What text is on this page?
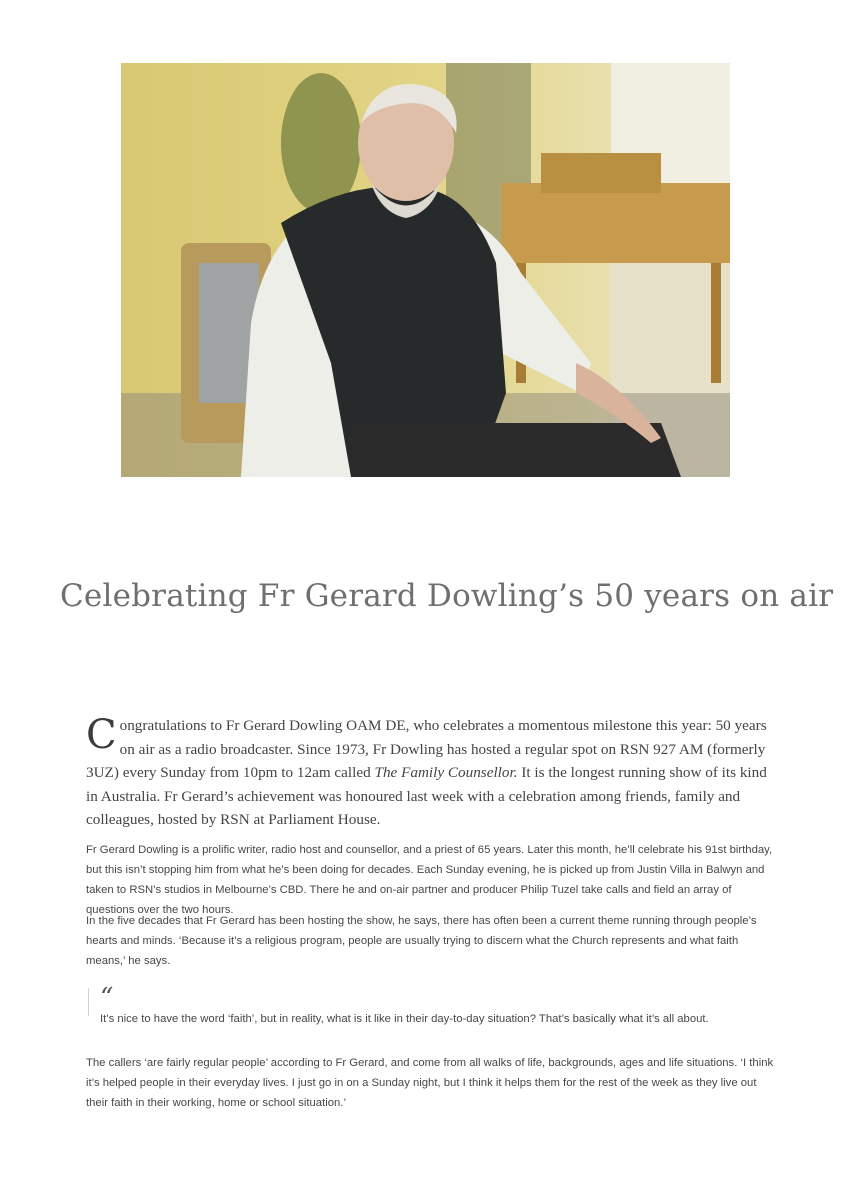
Celebrating Fr Gerard Dowling’s 50 years on air

Congratulations to Fr Gerard Dowling OAM DE, who celebrates a momentous milestone this year: 50 years on air as a radio broadcaster. Since 1973, Fr Dowling has hosted a regular spot on RSN 927 AM (formerly 3UZ) every Sunday from 10pm to 12am called The Family Counsellor. It is the longest running show of its kind in Australia. Fr Gerard’s achievement was honoured last week with a celebration among friends, family and colleagues, hosted by RSN at Parliament House.

Fr Gerard Dowling is a prolific writer, radio host and counsellor, and a priest of 65 years. Later this month, he’ll celebrate his 91st birthday, but this isn’t stopping him from what he’s been doing for decades. Each Sunday evening, he is picked up from Justin Villa in Balwyn and taken to RSN’s studios in Melbourne’s CBD. There he and on-air partner and producer Philip Tuzel take calls and field an array of questions over the two hours.

In the five decades that Fr Gerard has been hosting the show, he says, there has often been a current theme running through people’s hearts and minds. ‘Because it’s a religious program, people are usually trying to discern what the Church represents and what faith means,’ he says.

“

It’s nice to have the word ‘faith’, but in reality, what is it like in their day-to-day situation? That’s basically what it’s all about.

The callers ‘are fairly regular people’ according to Fr Gerard, and come from all walks of life, backgrounds, ages and life situations. ‘I think it’s helped people in their everyday lives. I just go in on a Sunday night, but I think it helps them for the rest of the week as they live out their faith in their working, home or school situation.’
